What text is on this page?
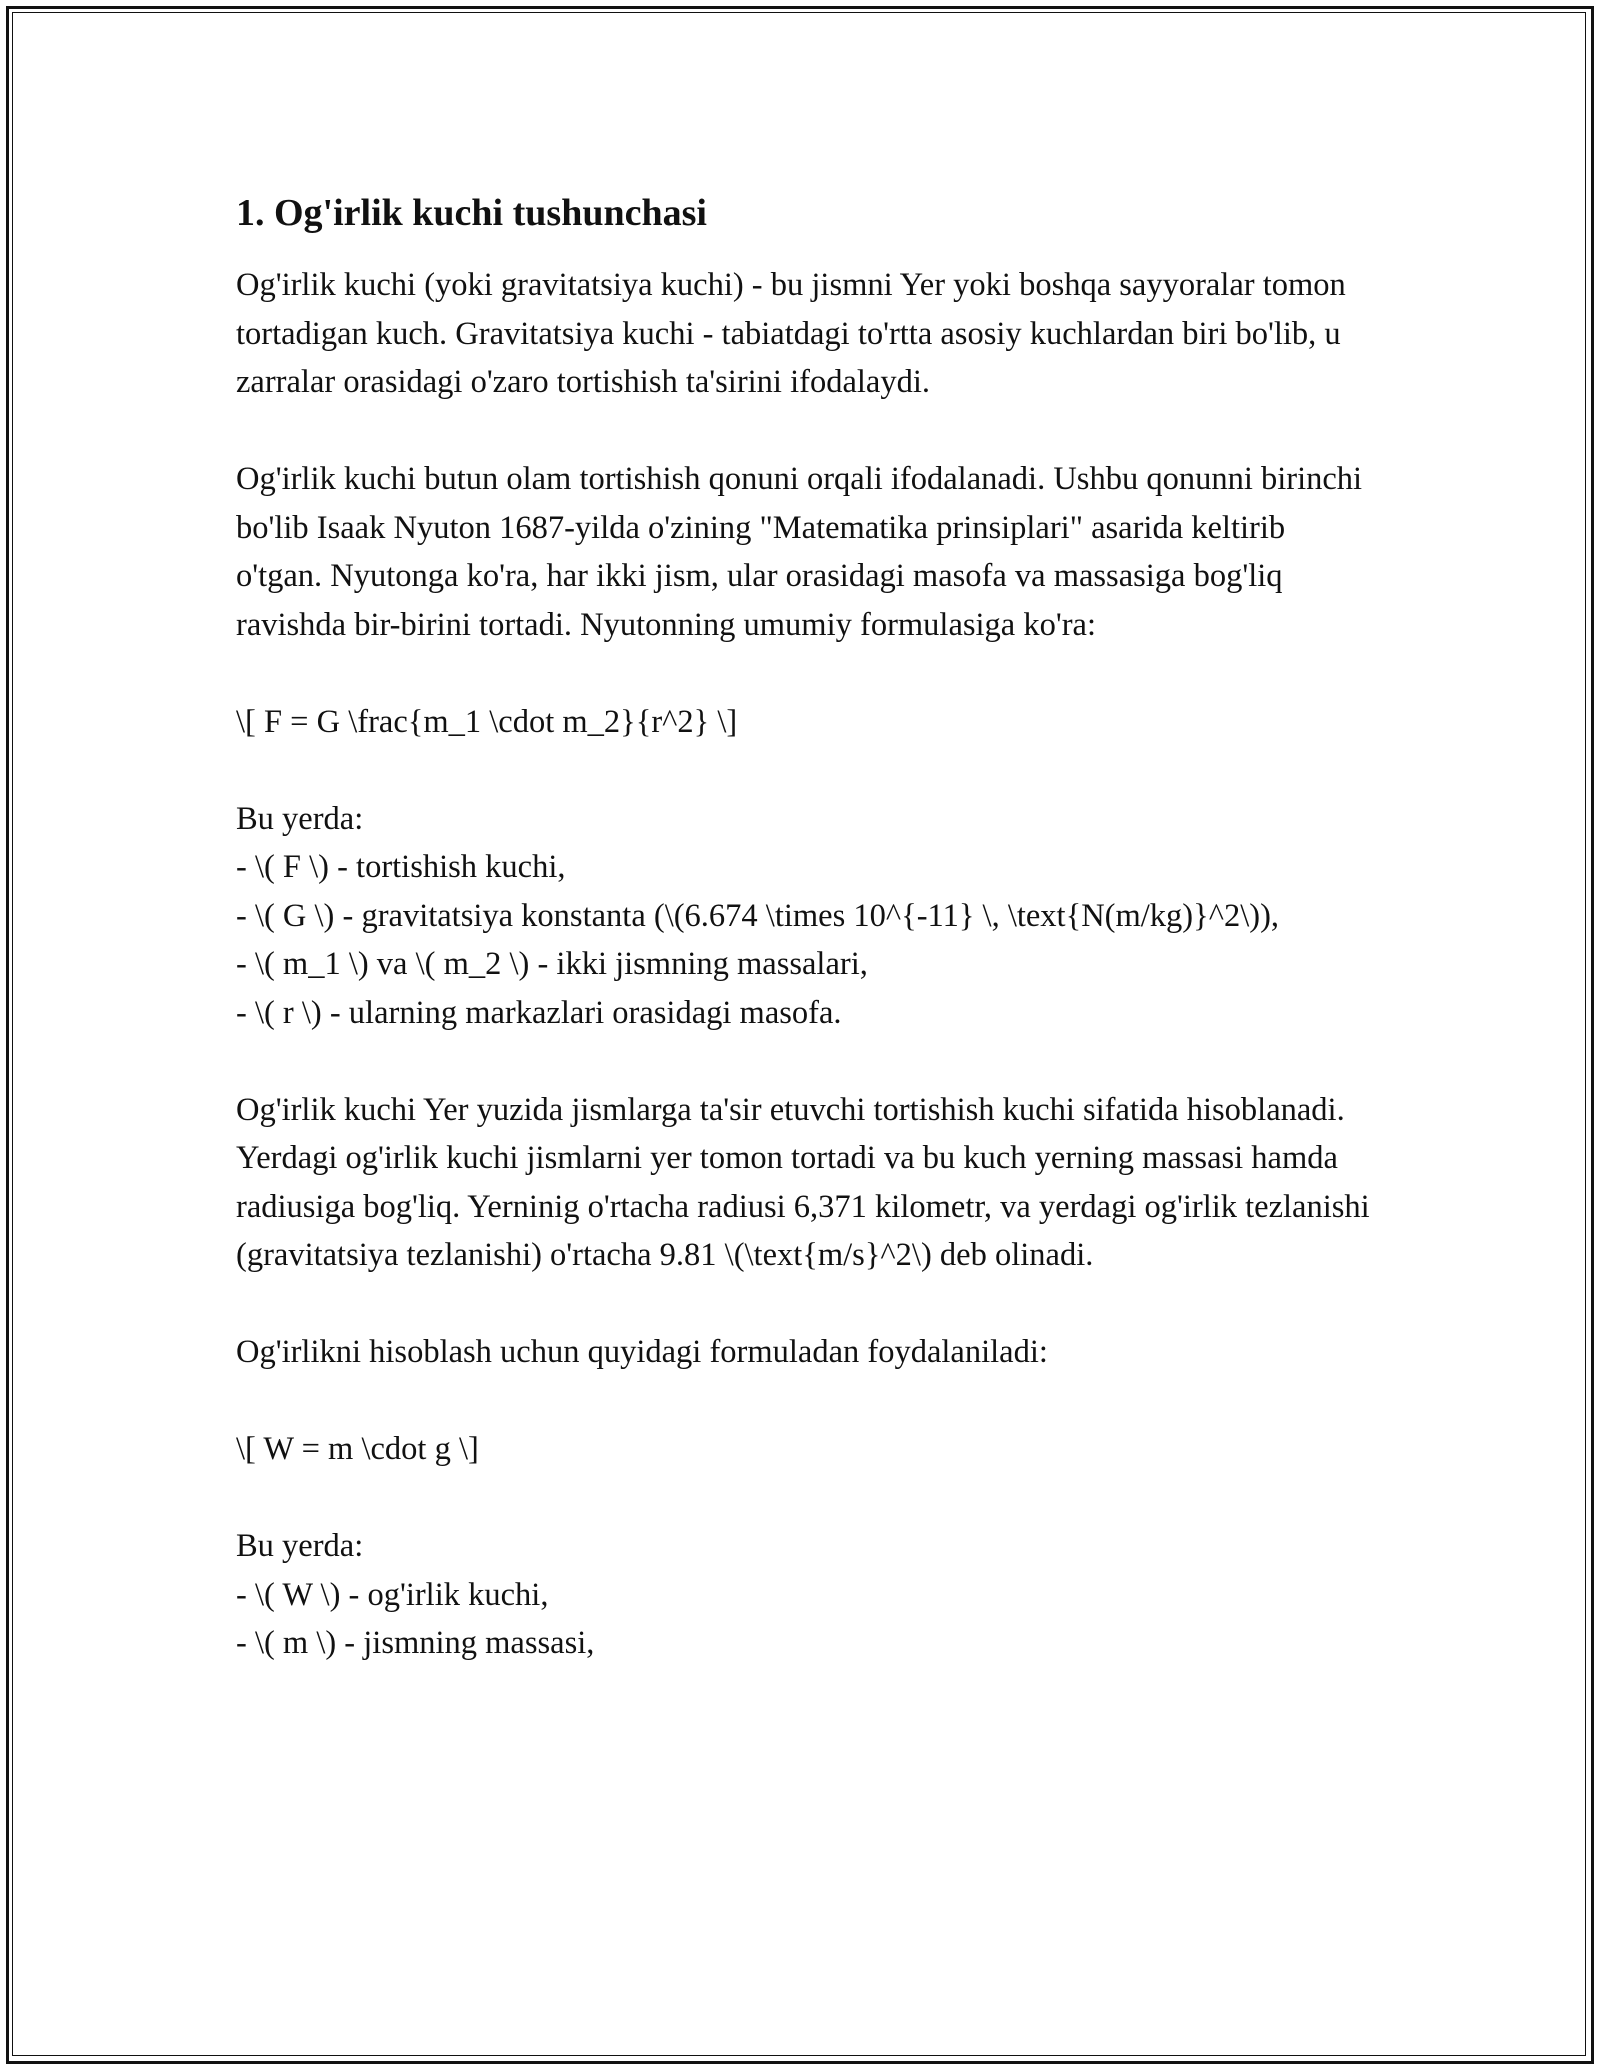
1. Og'irlik kuchi tushunchasi

Og'irlik kuchi (yoki gravitatsiya kuchi) - bu jismni Yer yoki boshqa sayyoralar tomon tortadigan kuch. Gravitatsiya kuchi - tabiatdagi to'rtta asosiy kuchlardan biri bo'lib, u zarralar orasidagi o'zaro tortishish ta'sirini ifodalaydi.

Og'irlik kuchi butun olam tortishish qonuni orqali ifodalanadi. Ushbu qonunni birinchi bo'lib Isaak Nyuton 1687-yilda o'zining "Matematika prinsiplari" asarida keltirib o'tgan. Nyutonga ko'ra, har ikki jism, ular orasidagi masofa va massasiga bog'liq ravishda bir-birini tortadi. Nyutonning umumiy formulasiga ko'ra:

\[ F = G \frac{m_1 \cdot m_2}{r^2} \]

Bu yerda:
- \( F \) - tortishish kuchi,
- \( G \) - gravitatsiya konstanta (\(6.674 \times 10^{-11} \, \text{N(m/kg)}^2\)),
- \( m_1 \) va \( m_2 \) - ikki jismning massalari,
- \( r \) - ularning markazlari orasidagi masofa.

Og'irlik kuchi Yer yuzida jismlarga ta'sir etuvchi tortishish kuchi sifatida hisoblanadi. Yerdagi og'irlik kuchi jismlarni yer tomon tortadi va bu kuch yerning massasi hamda radiusiga bog'liq. Yerninig o'rtacha radiusi 6,371 kilometr, va yerdagi og'irlik tezlanishi (gravitatsiya tezlanishi) o'rtacha 9.81 \(\text{m/s}^2\) deb olinadi.

Og'irlikni hisoblash uchun quyidagi formuladan foydalaniladi:

\[ W = m \cdot g \]

Bu yerda:
- \( W \) - og'irlik kuchi,
- \( m \) - jismning massasi,
